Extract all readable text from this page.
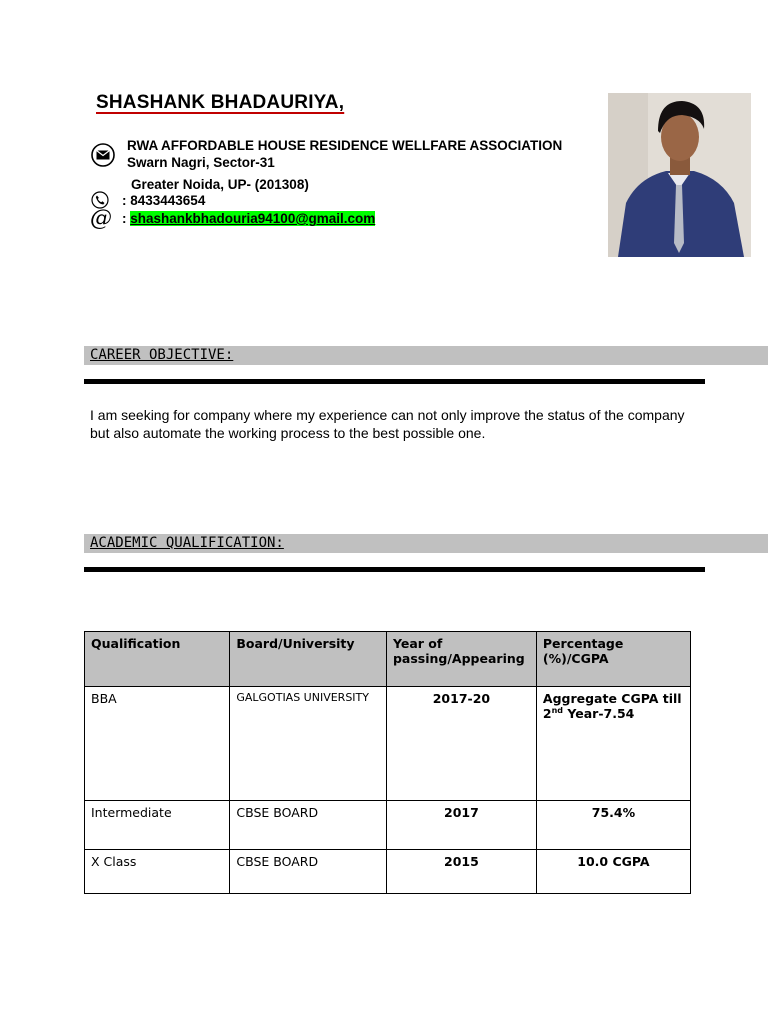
SHASHANK BHADAURIYA,
RWA AFFORDABLE HOUSE RESIDENCE WELLFARE ASSOCIATION
Swarn Nagri, Sector-31
Greater Noida, UP- (201308)
: 8433443654
@ : shashankbhadouria94100@gmail.com
CAREER OBJECTIVE:
I am seeking for company where my experience can not only improve the status of the company but also automate the working process to the best possible one.
ACADEMIC QUALIFICATION:
Qualification	Board/University	Year of passing/Appearing	Percentage (%)/CGPA
BBA	GALGOTIAS UNIVERSITY	2017-20	Aggregate CGPA till 2nd Year-7.54
Intermediate	CBSE BOARD	2017	75.4%
X Class	CBSE BOARD	2015	10.0 CGPA
